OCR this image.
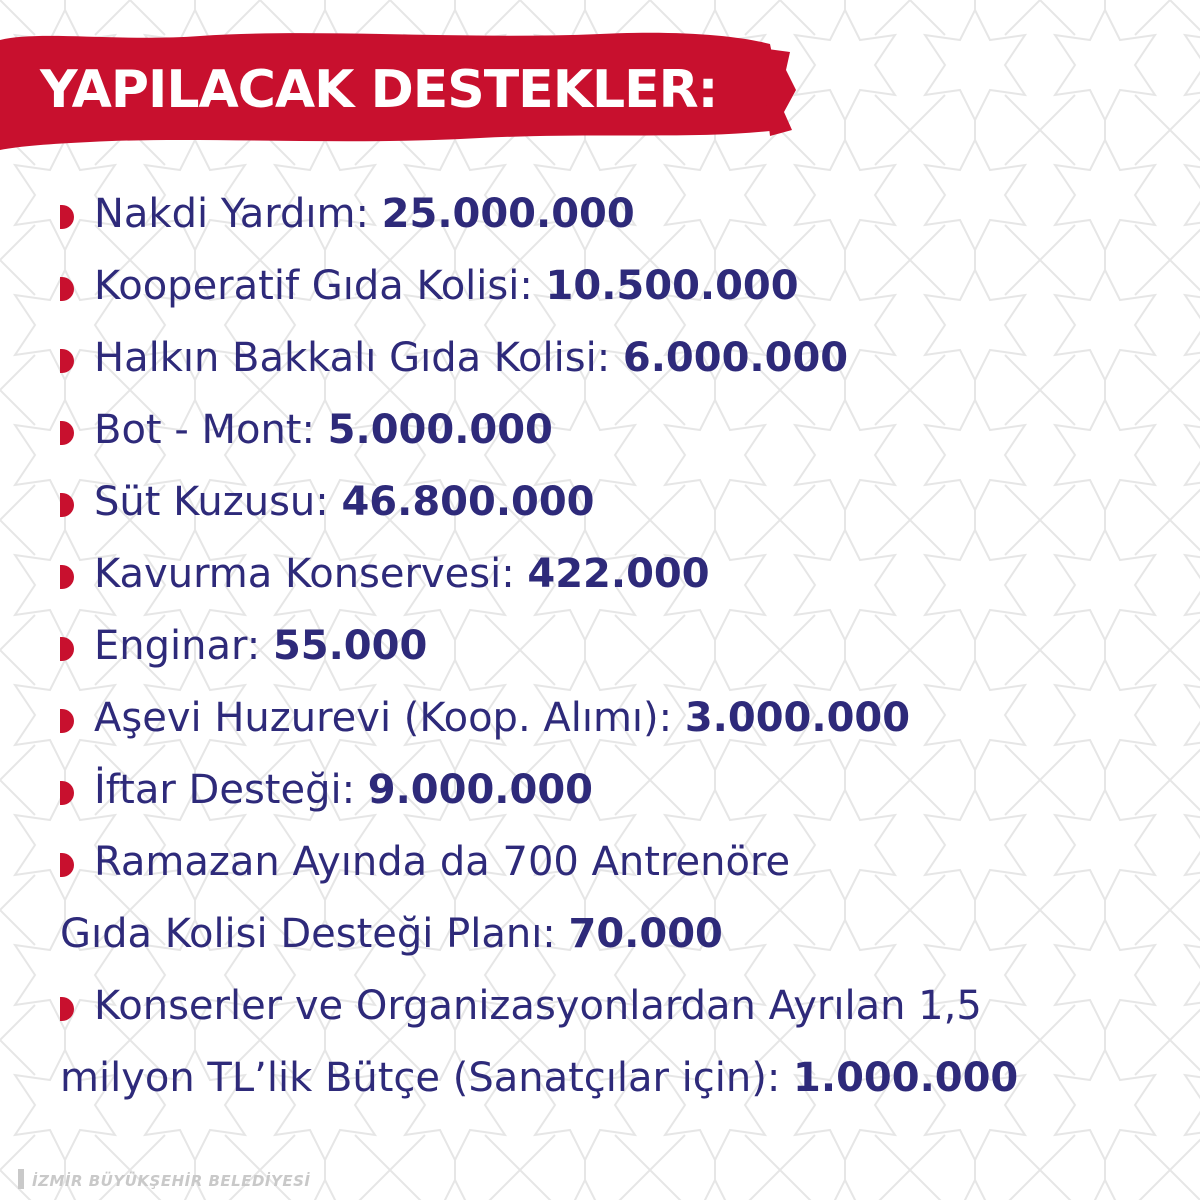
YAPILACAK DESTEKLER:
Nakdi Yardım: 25.000.000
Kooperatif Gıda Kolisi: 10.500.000
Halkın Bakkalı Gıda Kolisi: 6.000.000
Bot - Mont: 5.000.000
Süt Kuzusu: 46.800.000
Kavurma Konservesi: 422.000
Enginar: 55.000
Aşevi Huzurevi (Koop. Alımı): 3.000.000
İftar Desteği: 9.000.000
Ramazan Ayında da 700 Antrenöre
Gıda Kolisi Desteği Planı: 70.000
Konserler ve Organizasyonlardan Ayrılan 1,5
milyon TL’lik Bütçe (Sanatçılar için): 1.000.000
İZMİR BÜYÜKŞEHİR BELEDİYESİ
